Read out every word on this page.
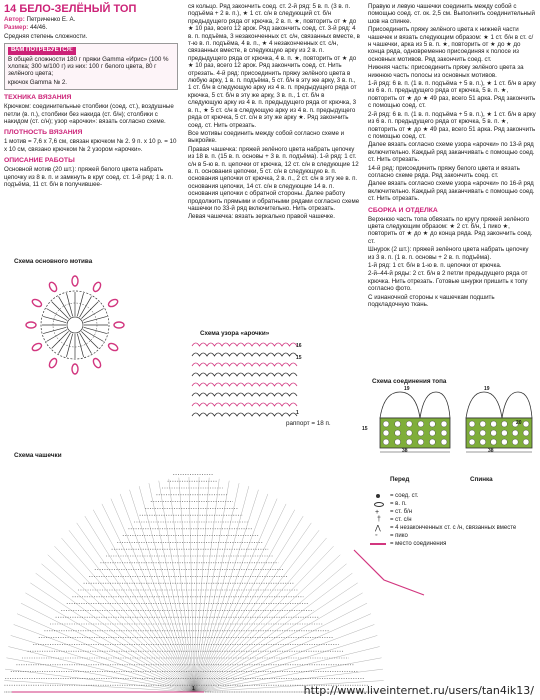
14 БЕЛО-ЗЕЛЁНЫЙ ТОП

Автор: Петриченко Е. А.

Размер: 44/46.

Средняя степень сложности.

ВАМ ПОТРЕБУЕТСЯ:

В общей сложности 180 г пряжи Gamma «Ирис» (100 % хлопка; 300 м/100 г) из них: 100 г белого цвета, 80 г зелёного цвета;

крючок Gamma № 2.

ТЕХНИКА ВЯЗАНИЯ

Крючком: соединительные столбики (соед. ст.), воздушные петли (в. п.), столбики без накида (ст. б/н); столбики с накидом (ст. с/н); узор «арочки»: вязать согласно схеме.

ПЛОТНОСТЬ ВЯЗАНИЯ

1 мотив = 7,6 х 7,6 см, связан крючком № 2. 9 п. х 10 р. = 10 х 10 см, связано крючком № 2 узором «арочки».

ОПИСАНИЕ РАБОТЫ

Основной мотив (20 шт.): пряжей белого цвета набрать цепочку из 8 в. п. и замкнуть в круг соед. ст. 1-й ряд: 1 в. п. подъёма, 11 ст. б/н в получившее-

Схема основного мотива
Схема чашечки
1

ся кольцо. Ряд закончить соед. ст. 2-й ряд: 5 в. п. (3 в. п. подъёма + 2 в. п.), ★ 1 ст. с/н в следующий ст. б/н предыдущего ряда от крючка, 2 в. п. ★, повторить от ★ до ★ 10 раз, всего 12 арок. Ряд закончить соед. ст. 3-й ряд: 4 в. п. подъёма, 3 незаконченных ст. с/н, связанных вместе, в т-ю в. п. подъёма, 4 в. п., ★ 4 незаконченных ст. с/н, связанных вместе, в следующую арку из 2 в. п. предыдущего ряда от крючка, 4 в. п. ★, повторить от ★ до ★ 10 раз, всего 12 арок. Ряд закончить соед. ст. Нить отрезать. 4-й ряд: присоединить пряжу зелёного цвета в любую арку, 1 в. п. подъёма, 5 ст. б/н в эту же арку, 3 в. п., 1 ст. б/н в следующую арку из 4 в. п. предыдущего ряда от крючка, 5 ст. б/н в эту же арку, 3 в. п., 1 ст. б/н в следующую арку из 4 в. п. предыдущего ряда от крючка, 3 в. п., ★ 5 ст. с/н в следующую арку из 4 в. п. предыдущего ряда от крючка, 5 ст. с/н в эту же арку ★. Ряд закончить соед. ст. Нить отрезать.

Все мотивы соединить между собой согласно схеме и выкройке.

Правая чашечка: пряжей зелёного цвета набрать цепочку из 18 в. п. (15 в. п. основы + 3 в. п. подъёма). 1-й ряд: 1 ст. с/н в 5-ю в. п. цепочки от крючка, 12 ст. с/н в следующие 12 в. п. основания цепочки, 5 ст. с/н в следующую в. п. основания цепочки от крючка, 2 в. п., 2 ст. с/н в эту же в. п. основания цепочки, 14 ст. с/н в следующие 14 в. п. основания цепочки с обратной стороны. Далее работу продолжить прямыми и обратными рядами согласно схеме чашечки по 33-й ряд включительно. Нить отрезать.

Левая чашечка: вязать зеркально правой чашечке.

Схема узора «арочки»
16
15
1
раппорт = 18 п.

Правую и левую чашечки соединить между собой с помощью соед. ст. ок. 2,5 см. Выполнить соединительный шов на спинке.

Присоединить пряжу зелёного цвета к нижней части чашечек и вязать следующим образом: ★ 1 ст. б/н в ст. с/н чашечки, арка из 5 в. п. ★, повторить от ★ до ★ до конца ряда, одновременно присоединяя к полосе из основных мотивов. Ряд закончить соед. ст.

Нижняя часть: присоединить пряжу зелёного цвета за нижнюю часть полосы из основных мотивов.

1-й ряд: 6 в. п. (1 в. п. подъёма + 5 в. п.), ★ 1 ст. б/н в арку из 6 в. п. предыдущего ряда от крючка, 5 в. п. ★, повторить от ★ до ★ 49 раз, всего 51 арка. Ряд закончить с помощью соед. ст.

2-й ряд: 6 в. п. (1 в. п. подъёма + 5 в. п.), ★ 1 ст. б/н в арку из 6 в. п. предыдущего ряда от крючка, 5 в. п. ★, повторить от ★ до ★ 49 раз, всего 51 арка. Ряд закончить с помощью соед. ст.

Далее вязать согласно схеме узора «арочки» по 13-й ряд включительно. Каждый ряд заканчивать с помощью соед. ст. Нить отрезать.

14-й ряд: присоединить пряжу белого цвета и вязать согласно схеме ряда. Ряд закончить соед. ст.

Далее вязать согласно схеме узора «арочки» по 16-й ряд включительно. Каждый ряд заканчивать с помощью соед. ст. Нить отрезать.

СБОРКА И ОТДЕЛКА

Верхнюю часть топа обвязать по кругу пряжей зелёного цвета следующим образом: ★ 2 ст. б/н, 1 пико ★, повторить от ★ до ★ до конца ряда. Ряд закончить соед. ст.

Шнурок (2 шт.): пряжей зелёного цвета набрать цепочку из 3 в. п. (1 в. п. основы + 2 в. п. подъёма).

1-й ряд: 1 ст. б/н в 1-ю в. п. цепочки от крючка.

2-й–44-й ряды: 2 ст. б/н в 2 петли предыдущего ряда от крючка. Нить отрезать. Готовые шнурки пришить к топу согласно фото.

С изнаночной стороны к чашечкам подшить подкладочную ткань.

Схема соединения топа
19	19
15
38	38
20
Перед	Спинка
= соед. ст.
= в. п.
+ = ст. б/н
† = ст. с/н
⋀ = 4 незаконченных ст. с /н, связанных вместе
◦ = пико
= место соединения
http://www.liveinternet.ru/users/tan4ik13/
